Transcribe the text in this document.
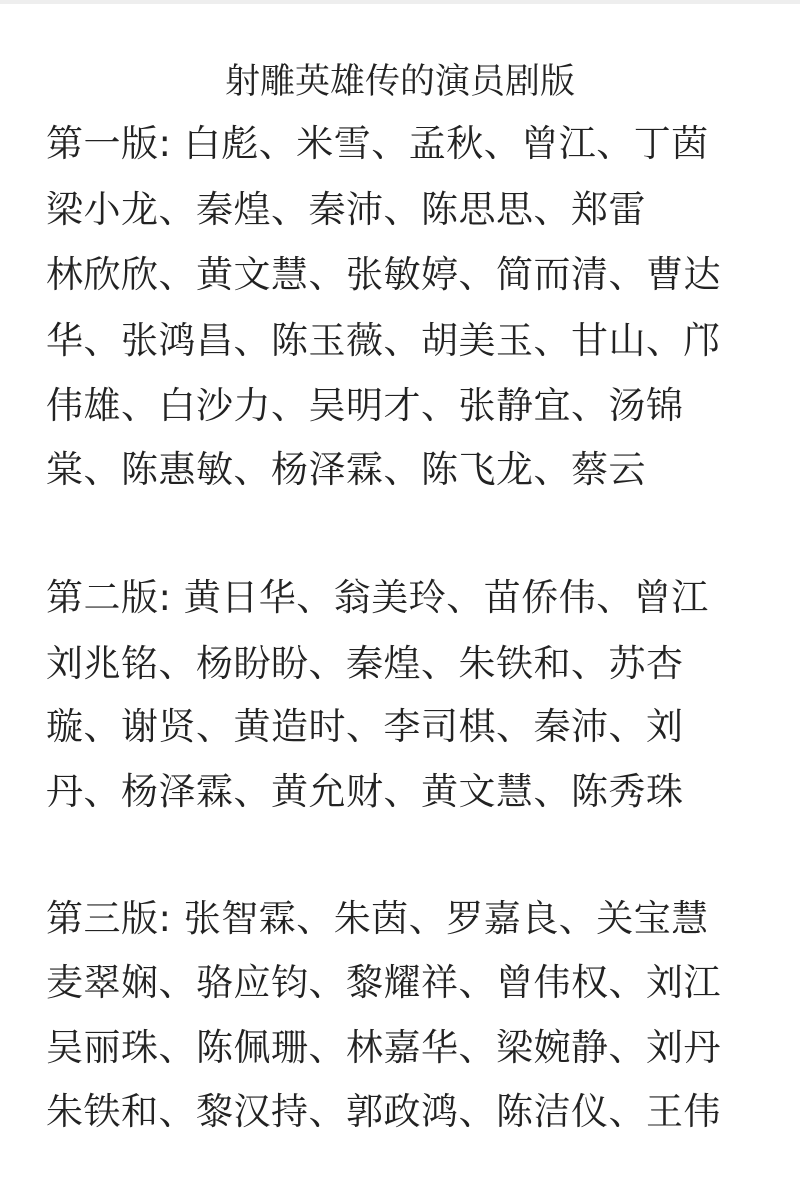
射雕英雄传的演员剧版
第一版: 白彪、米雪、孟秋、曾江、丁茵
梁小龙、秦煌、秦沛、陈思思、郑雷
林欣欣、黄文慧、张敏婷、简而清、曹达
华、张鸿昌、陈玉薇、胡美玉、甘山、邝
伟雄、白沙力、吴明才、张静宜、汤锦
棠、陈惠敏、杨泽霖、陈飞龙、蔡云
第二版: 黄日华、翁美玲、苗侨伟、曾江
刘兆铭、杨盼盼、秦煌、朱铁和、苏杏
璇、谢贤、黄造时、李司棋、秦沛、刘
丹、杨泽霖、黄允财、黄文慧、陈秀珠
第三版: 张智霖、朱茵、罗嘉良、关宝慧
麦翠娴、骆应钧、黎耀祥、曾伟权、刘江
吴丽珠、陈佩珊、林嘉华、梁婉静、刘丹
朱铁和、黎汉持、郭政鸿、陈洁仪、王伟
